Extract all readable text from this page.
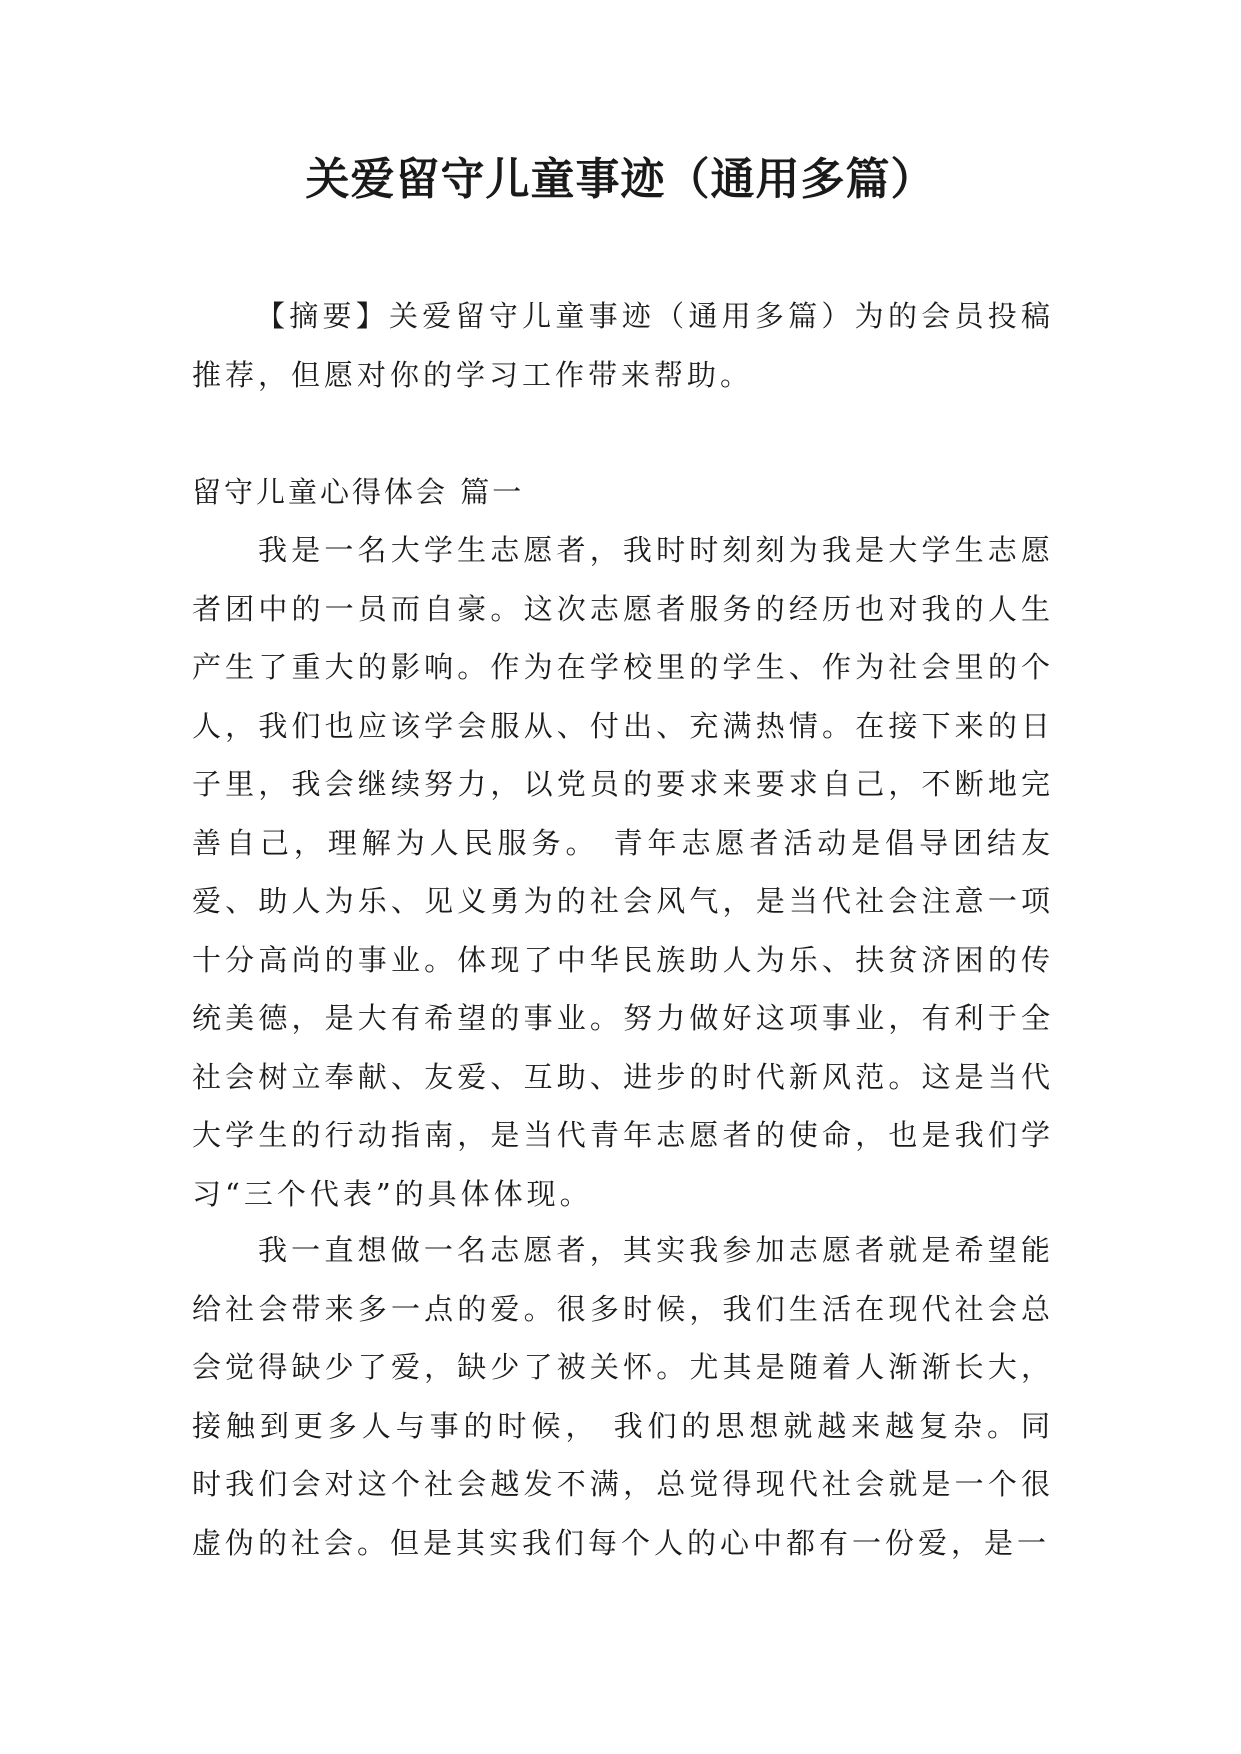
关爱留守儿童事迹（通用多篇）

【摘要】关爱留守儿童事迹（通用多篇）为的会员投稿推荐，但愿对你的学习工作带来帮助。

留守儿童心得体会 篇一

我是一名大学生志愿者，我时时刻刻为我是大学生志愿者团中的一员而自豪。这次志愿者服务的经历也对我的人生产生了重大的影响。作为在学校里的学生、作为社会里的个人，我们也应该学会服从、付出、充满热情。在接下来的日子里，我会继续努力，以党员的要求来要求自己，不断地完善自己，理解为人民服务。 青年志愿者活动是倡导团结友爱、助人为乐、见义勇为的社会风气，是当代社会注意一项十分高尚的事业。体现了中华民族助人为乐、扶贫济困的传统美德，是大有希望的事业。努力做好这项事业，有利于全社会树立奉献、友爱、互助、进步的时代新风范。这是当代大学生的行动指南，是当代青年志愿者的使命，也是我们学习“三个代表”的具体体现。

我一直想做一名志愿者，其实我参加志愿者就是希望能给社会带来多一点的爱。很多时候，我们生活在现代社会总会觉得缺少了爱，缺少了被关怀。尤其是随着人渐渐长大，接触到更多人与事的时候， 我们的思想就越来越复杂。同时我们会对这个社会越发不满，总觉得现代社会就是一个很虚伪的社会。但是其实我们每个人的心中都有一份爱，是一
